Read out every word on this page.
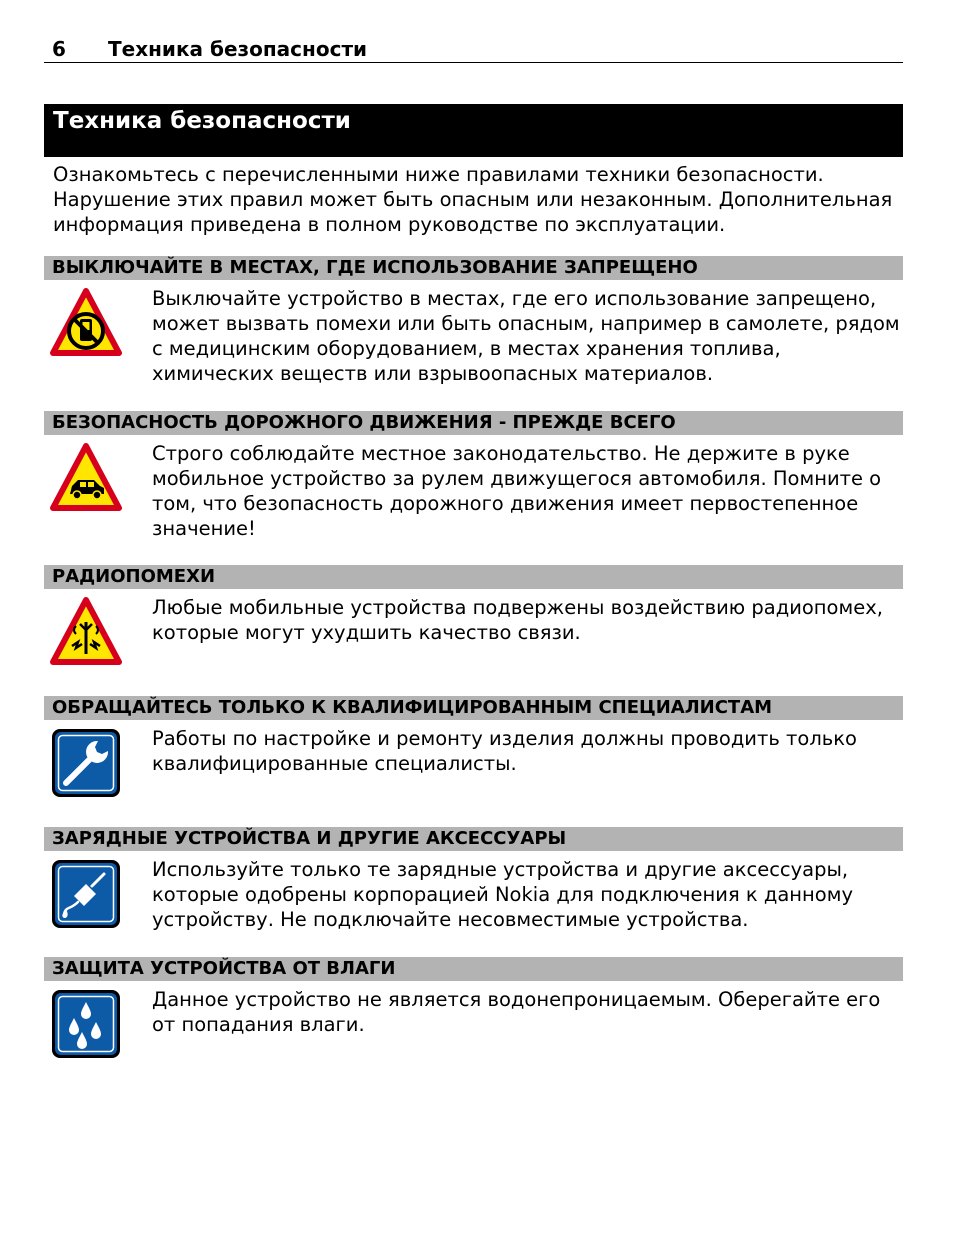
6 Техника безопасности
Техника безопасности

Ознакомьтесь с перечисленными ниже правилами техники безопасности. Нарушение этих правил может быть опасным или незаконным. Дополнительная информация приведена в полном руководстве по эксплуатации.

ВЫКЛЮЧАЙТЕ В МЕСТАХ, ГДЕ ИСПОЛЬЗОВАНИЕ ЗАПРЕЩЕНО

Выключайте устройство в местах, где его использование запрещено, может вызвать помехи или быть опасным, например в самолете, рядом с медицинским оборудованием, в местах хранения топлива, химических веществ или взрывоопасных материалов.

БЕЗОПАСНОСТЬ ДОРОЖНОГО ДВИЖЕНИЯ - ПРЕЖДЕ ВСЕГО

Строго соблюдайте местное законодательство. Не держите в руке мобильное устройство за рулем движущегося автомобиля. Помните о том, что безопасность дорожного движения имеет первостепенное значение!

РАДИОПОМЕХИ

Любые мобильные устройства подвержены воздействию радиопомех, которые могут ухудшить качество связи.

ОБРАЩАЙТЕСЬ ТОЛЬКО К КВАЛИФИЦИРОВАННЫМ СПЕЦИАЛИСТАМ

Работы по настройке и ремонту изделия должны проводить только квалифицированные специалисты.

ЗАРЯДНЫЕ УСТРОЙСТВА И ДРУГИЕ АКСЕССУАРЫ

Используйте только те зарядные устройства и другие аксессуары, которые одобрены корпорацией Nokia для подключения к данному устройству. Не подключайте несовместимые устройства.

ЗАЩИТА УСТРОЙСТВА ОТ ВЛАГИ

Данное устройство не является водонепроницаемым. Оберегайте его от попадания влаги.
